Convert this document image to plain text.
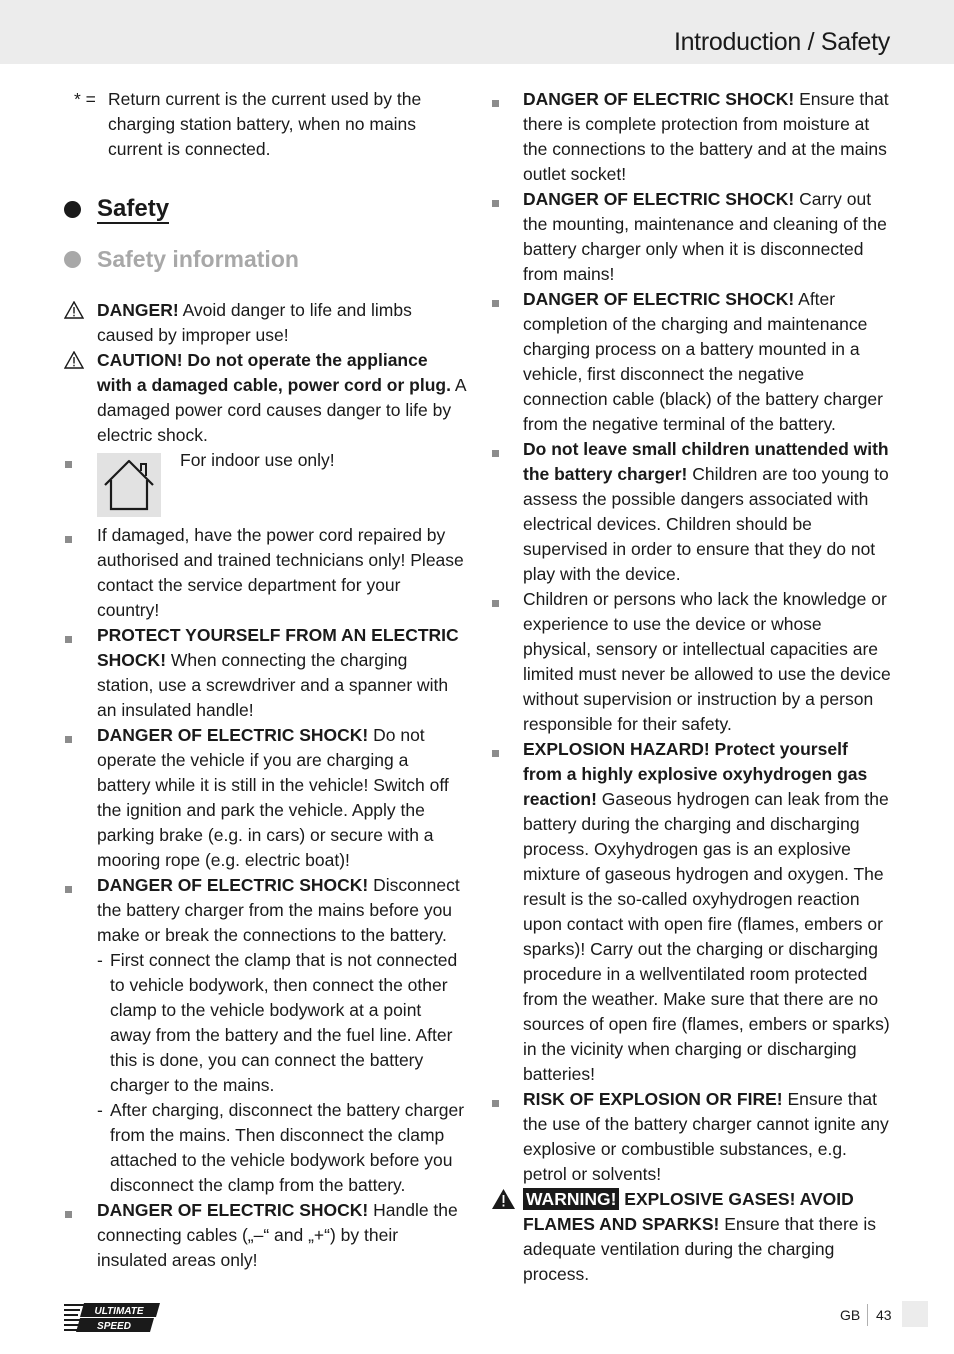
Introduction / Safety
* = Return current is the current used by the charging station battery, when no mains current is connected.
Safety
Safety information
DANGER! Avoid danger to life and limbs caused by improper use!
CAUTION! Do not operate the appliance with a damaged cable, power cord or plug. A damaged power cord causes danger to life by electric shock.
For indoor use only!
If damaged, have the power cord repaired by authorised and trained technicians only! Please contact the service department for your country!
PROTECT YOURSELF FROM AN ELECTRIC SHOCK! When connecting the charging station, use a screwdriver and a spanner with an insulated handle!
DANGER OF ELECTRIC SHOCK! Do not operate the vehicle if you are charging a battery while it is still in the vehicle! Switch off the ignition and park the vehicle. Apply the parking brake (e.g. in cars) or secure with a mooring rope (e.g. electric boat)!
DANGER OF ELECTRIC SHOCK! Disconnect the battery charger from the mains before you make or break the connections to the battery.
- First connect the clamp that is not connected to vehicle bodywork, then connect the other clamp to the vehicle bodywork at a point away from the battery and the fuel line. After this is done, you can connect the battery charger to the mains.
- After charging, disconnect the battery charger from the mains. Then disconnect the clamp attached to the vehicle bodywork before you disconnect the clamp from the battery.
DANGER OF ELECTRIC SHOCK! Handle the connecting cables („–“ and „+“) by their insulated areas only!
DANGER OF ELECTRIC SHOCK! Ensure that there is complete protection from moisture at the connections to the battery and at the mains outlet socket!
DANGER OF ELECTRIC SHOCK! Carry out the mounting, maintenance and cleaning of the battery charger only when it is disconnected from mains!
DANGER OF ELECTRIC SHOCK! After completion of the charging and maintenance charging process on a battery mounted in a vehicle, first disconnect the negative connection cable (black) of the battery charger from the negative terminal of the battery.
Do not leave small children unattended with the battery charger! Children are too young to assess the possible dangers associated with electrical devices. Children should be supervised in order to ensure that they do not play with the device.
Children or persons who lack the knowledge or experience to use the device or whose physical, sensory or intellectual capacities are limited must never be allowed to use the device without supervision or instruction by a person responsible for their safety.
EXPLOSION HAZARD! Protect yourself from a highly explosive oxyhydrogen gas reaction! Gaseous hydrogen can leak from the battery during the charging and discharging process. Oxyhydrogen gas is an explosive mixture of gaseous hydrogen and oxygen. The result is the so-called oxyhydrogen reaction upon contact with open fire (flames, embers or sparks)! Carry out the charging or discharging procedure in a wellventilated room protected from the weather. Make sure that there are no sources of open fire (flames, embers or sparks) in the vicinity when charging or discharging batteries!
RISK OF EXPLOSION OR FIRE! Ensure that the use of the battery charger cannot ignite any explosive or combustible substances, e.g. petrol or solvents!
WARNING! EXPLOSIVE GASES! AVOID FLAMES AND SPARKS! Ensure that there is adequate ventilation during the charging process.
ULTIMATE
SPEED
GB 43
